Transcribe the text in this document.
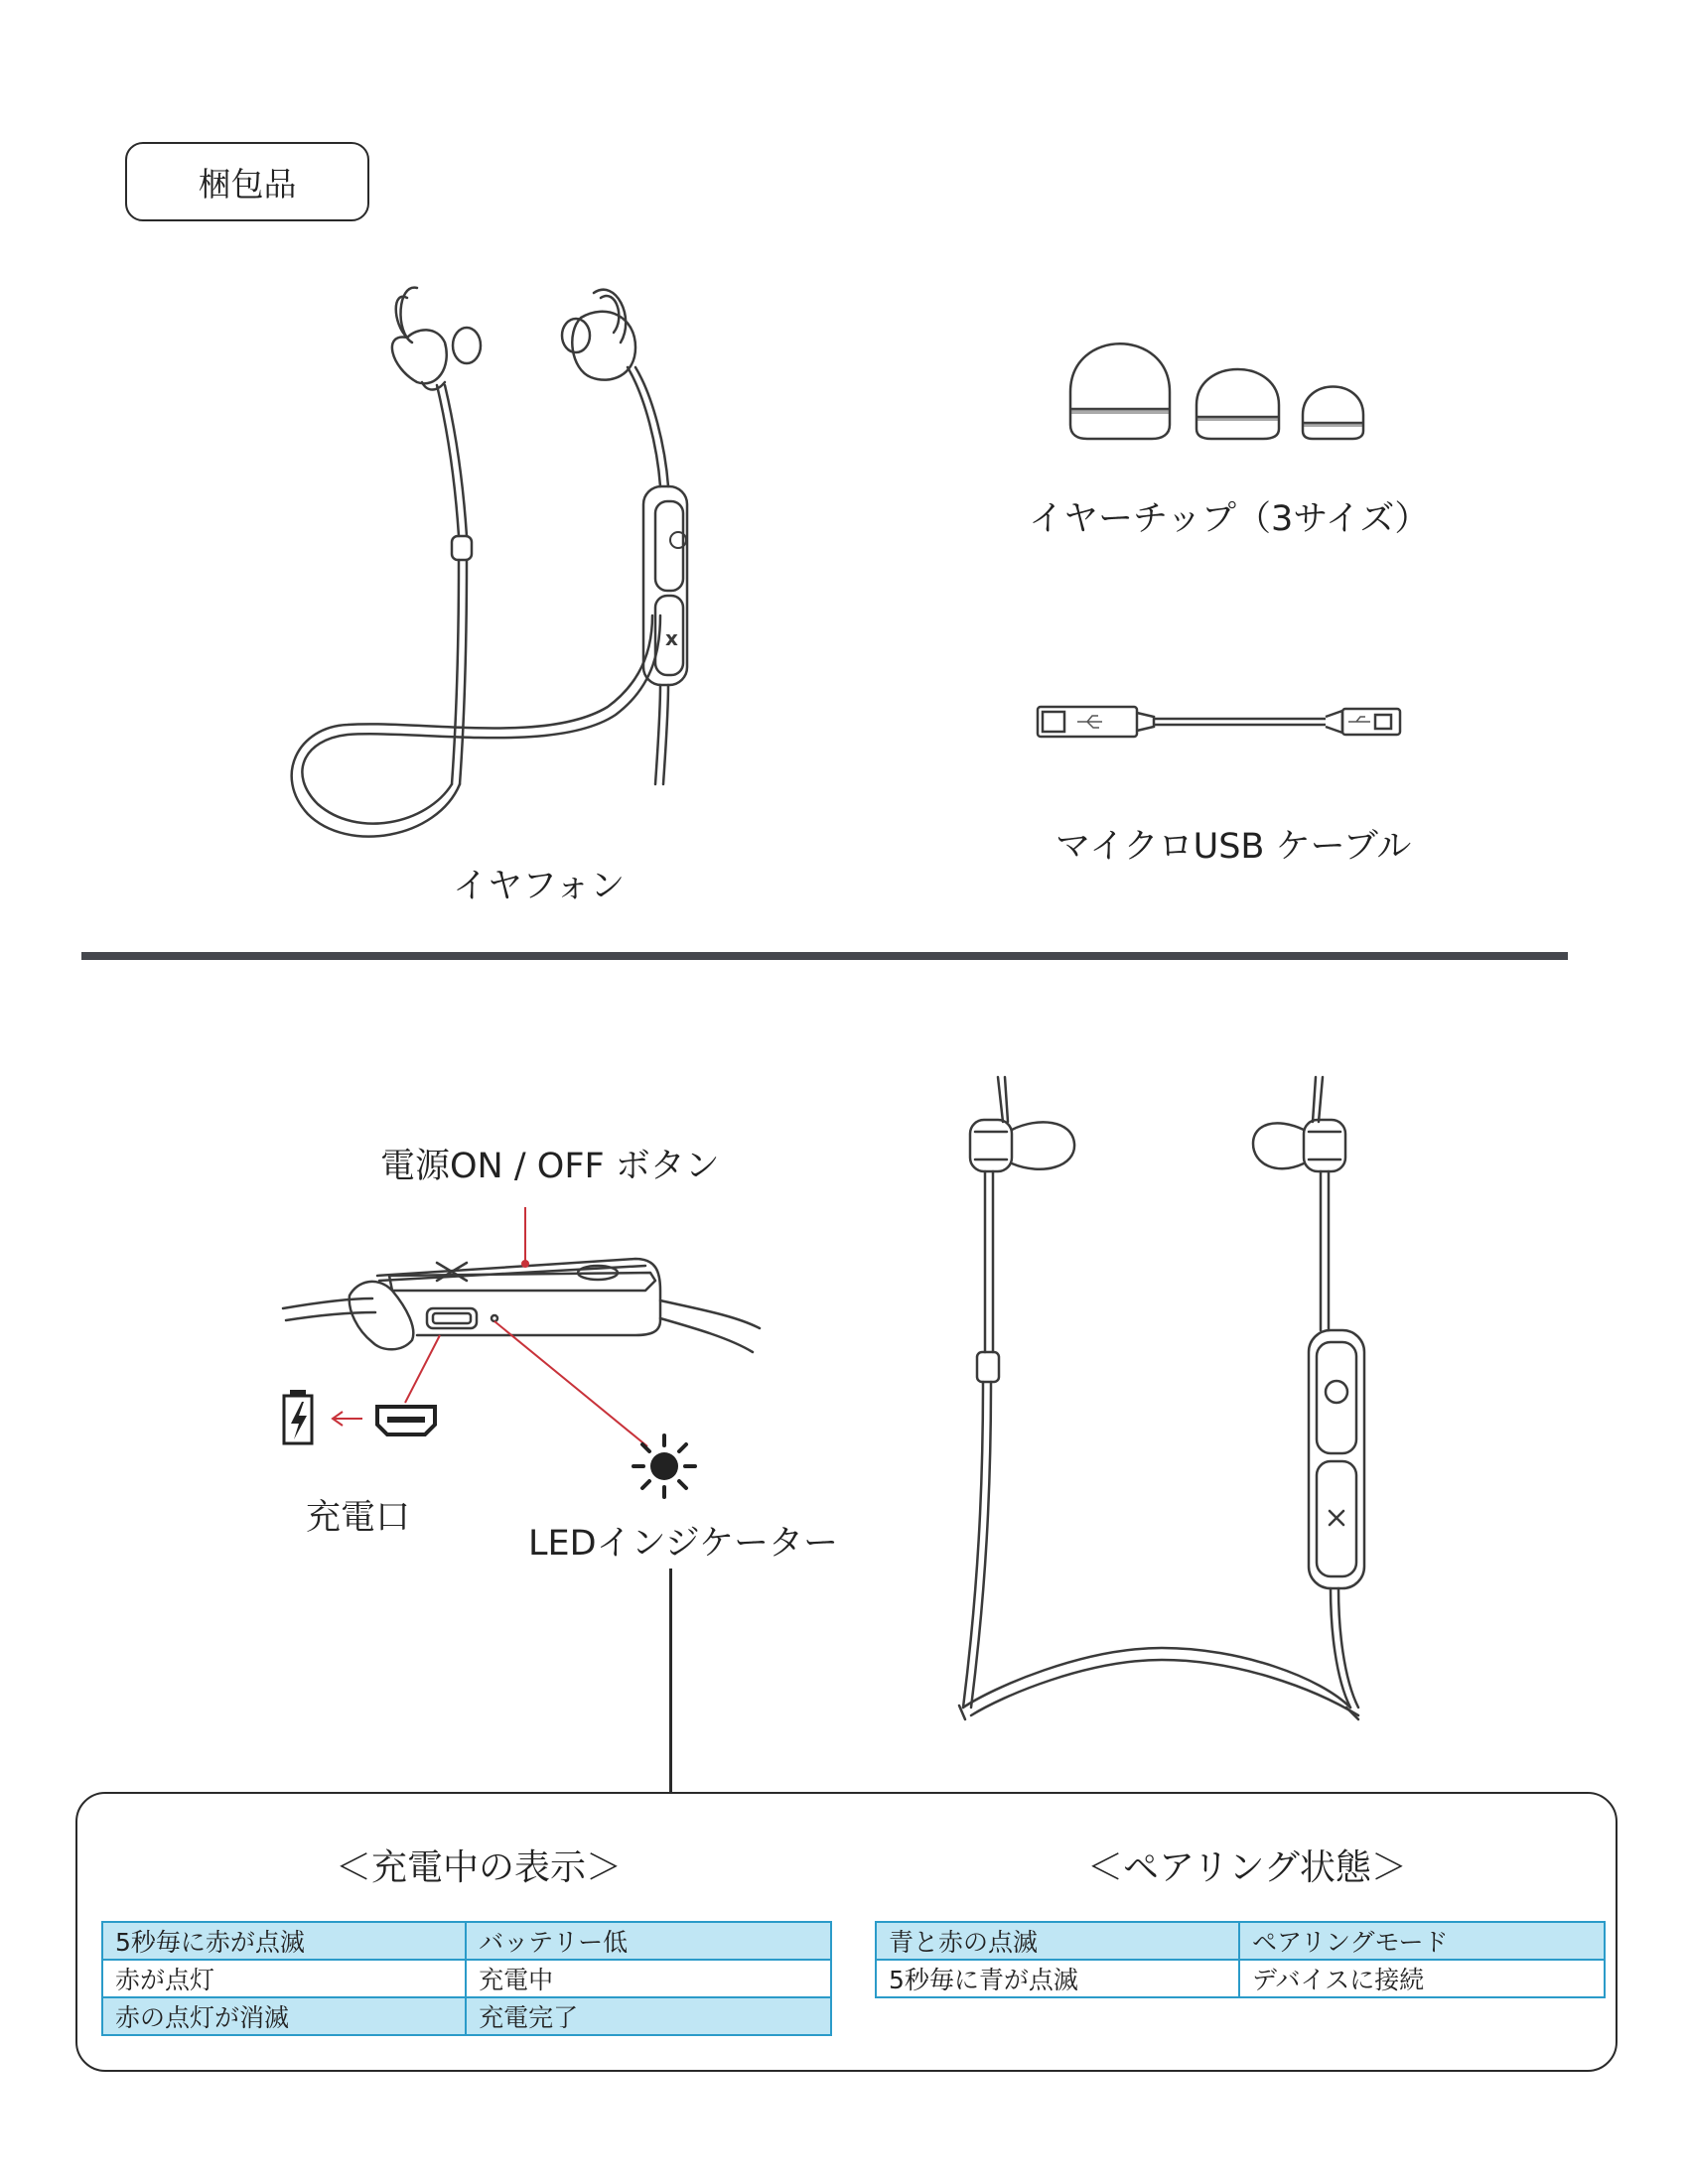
梱包品
x
イヤフォン
イヤーチップ（3サイズ）
マイクロUSB ケーブル
電源ON / OFF ボタン
充電口
LEDインジケーター
＜充電中の表示＞
5秒毎に赤が点滅	バッテリー低
赤が点灯	充電中
赤の点灯が消滅	充電完了
＜ペアリング状態＞
青と赤の点滅	ペアリングモード
5秒毎に青が点滅	デバイスに接続
